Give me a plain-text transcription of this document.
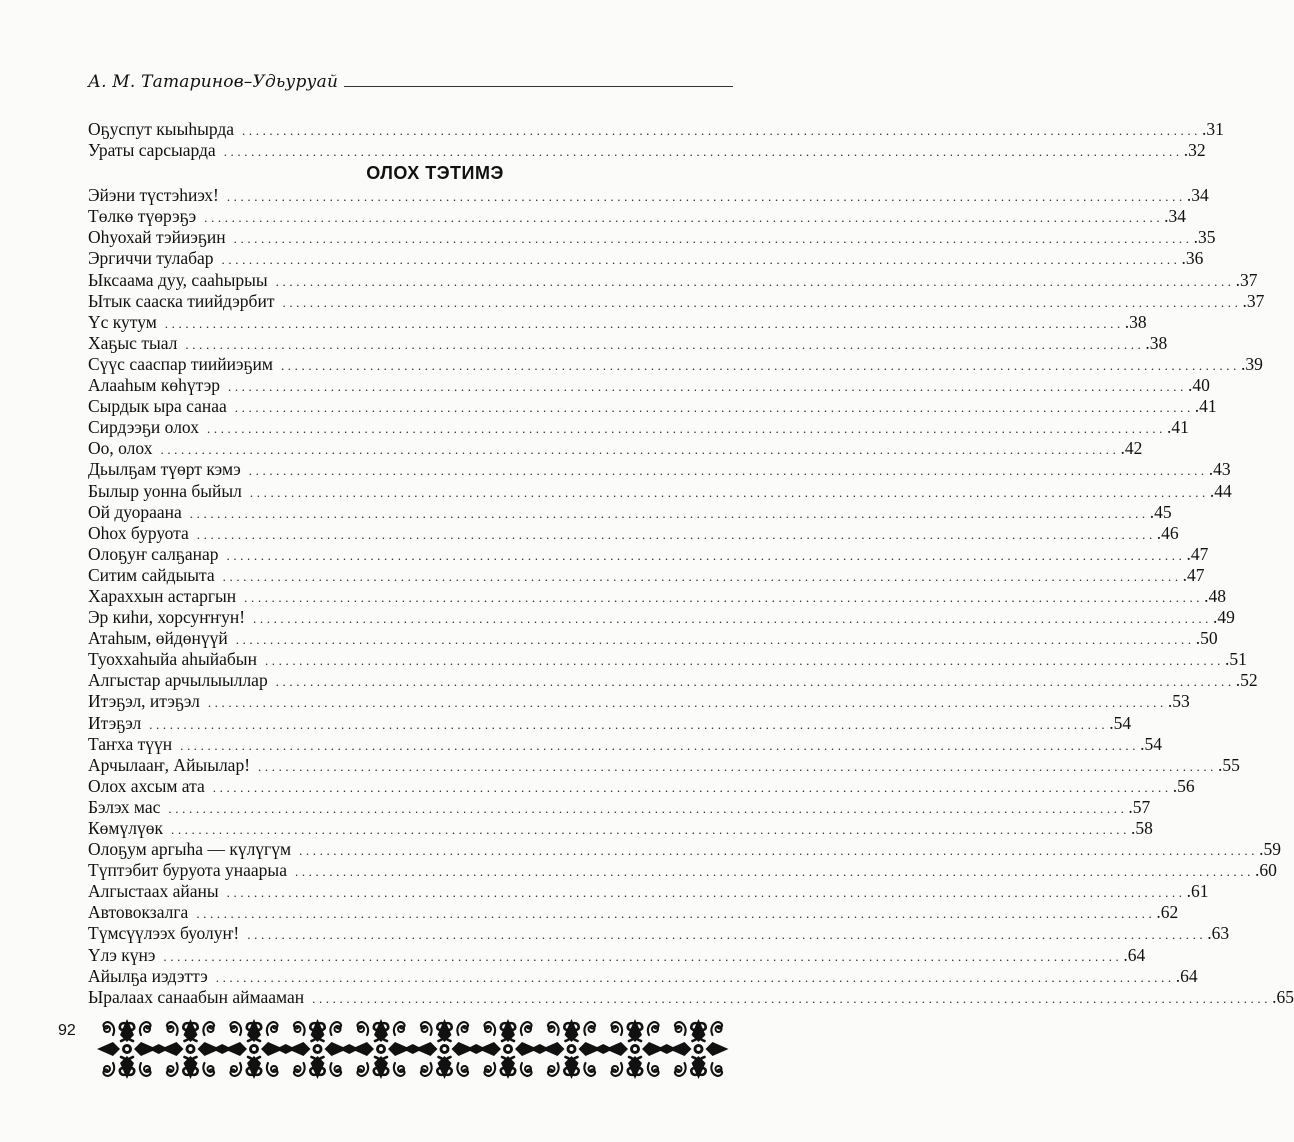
А. М. Татаринов–Удьуруай
Оҕуспут кыыһырда ............................................................................................................................................ .31
Ураты сарсыарда ............................................................................................................................................ .32
ОЛОХ ТЭТИМЭ
Эйэни түстэһиэх! ............................................................................................................................................ .34
Төлкө түөрэҕэ ............................................................................................................................................ .34
Оһуохай тэйиэҕин ............................................................................................................................................ .35
Эргиччи тулабар ............................................................................................................................................ .36
Ыксаама дуу, сааһырыы ............................................................................................................................................ .37
Ытык сааска тиийдэрбит ............................................................................................................................................ .37
Үс кутум ............................................................................................................................................ .38
Хаҕыс тыал ............................................................................................................................................ .38
Сүүс сааспар тиийиэҕим ............................................................................................................................................ .39
Алааһым көһүтэр ............................................................................................................................................ .40
Сырдык ыра санаа ............................................................................................................................................ .41
Сирдээҕи олох ............................................................................................................................................ .41
Оо, олох ............................................................................................................................................ .42
Дьылҕам түөрт кэмэ ............................................................................................................................................ .43
Былыр уонна быйыл ............................................................................................................................................ .44
Ой дуораана ............................................................................................................................................ .45
Оһох буруота ............................................................................................................................................ .46
Олоҕуҥ салҕанар ............................................................................................................................................ .47
Ситим сайдыыта ............................................................................................................................................ .47
Хараххын астаргын ............................................................................................................................................ .48
Эр киһи, хорсуҥҥун! ............................................................................................................................................ .49
Атаһым, өйдөнүүй ............................................................................................................................................ .50
Туоххаһыйа аһыйабын ............................................................................................................................................ .51
Алгыстар арчылыыллар ............................................................................................................................................ .52
Итэҕэл, итэҕэл ............................................................................................................................................ .53
Итэҕэл ............................................................................................................................................ .54
Таҥха түүн ............................................................................................................................................ .54
Арчылааҥ, Айыылар! ............................................................................................................................................ .55
Олох ахсым ата ............................................................................................................................................ .56
Бэлэх мас ............................................................................................................................................ .57
Көмүлүөк ............................................................................................................................................ .58
Олоҕум аргыһа — күлүгүм ............................................................................................................................................ .59
Түптэбит буруота унаарыа ............................................................................................................................................ .60
Алгыстаах айаны ............................................................................................................................................ .61
Автовокзалга ............................................................................................................................................ .62
Түмсүүлээх буолуҥ! ............................................................................................................................................ .63
Үлэ күнэ ............................................................................................................................................ .64
Айылҕа иэдэттэ ............................................................................................................................................ .64
Ыралаах санаабын аймааман ............................................................................................................................................ .65
92
